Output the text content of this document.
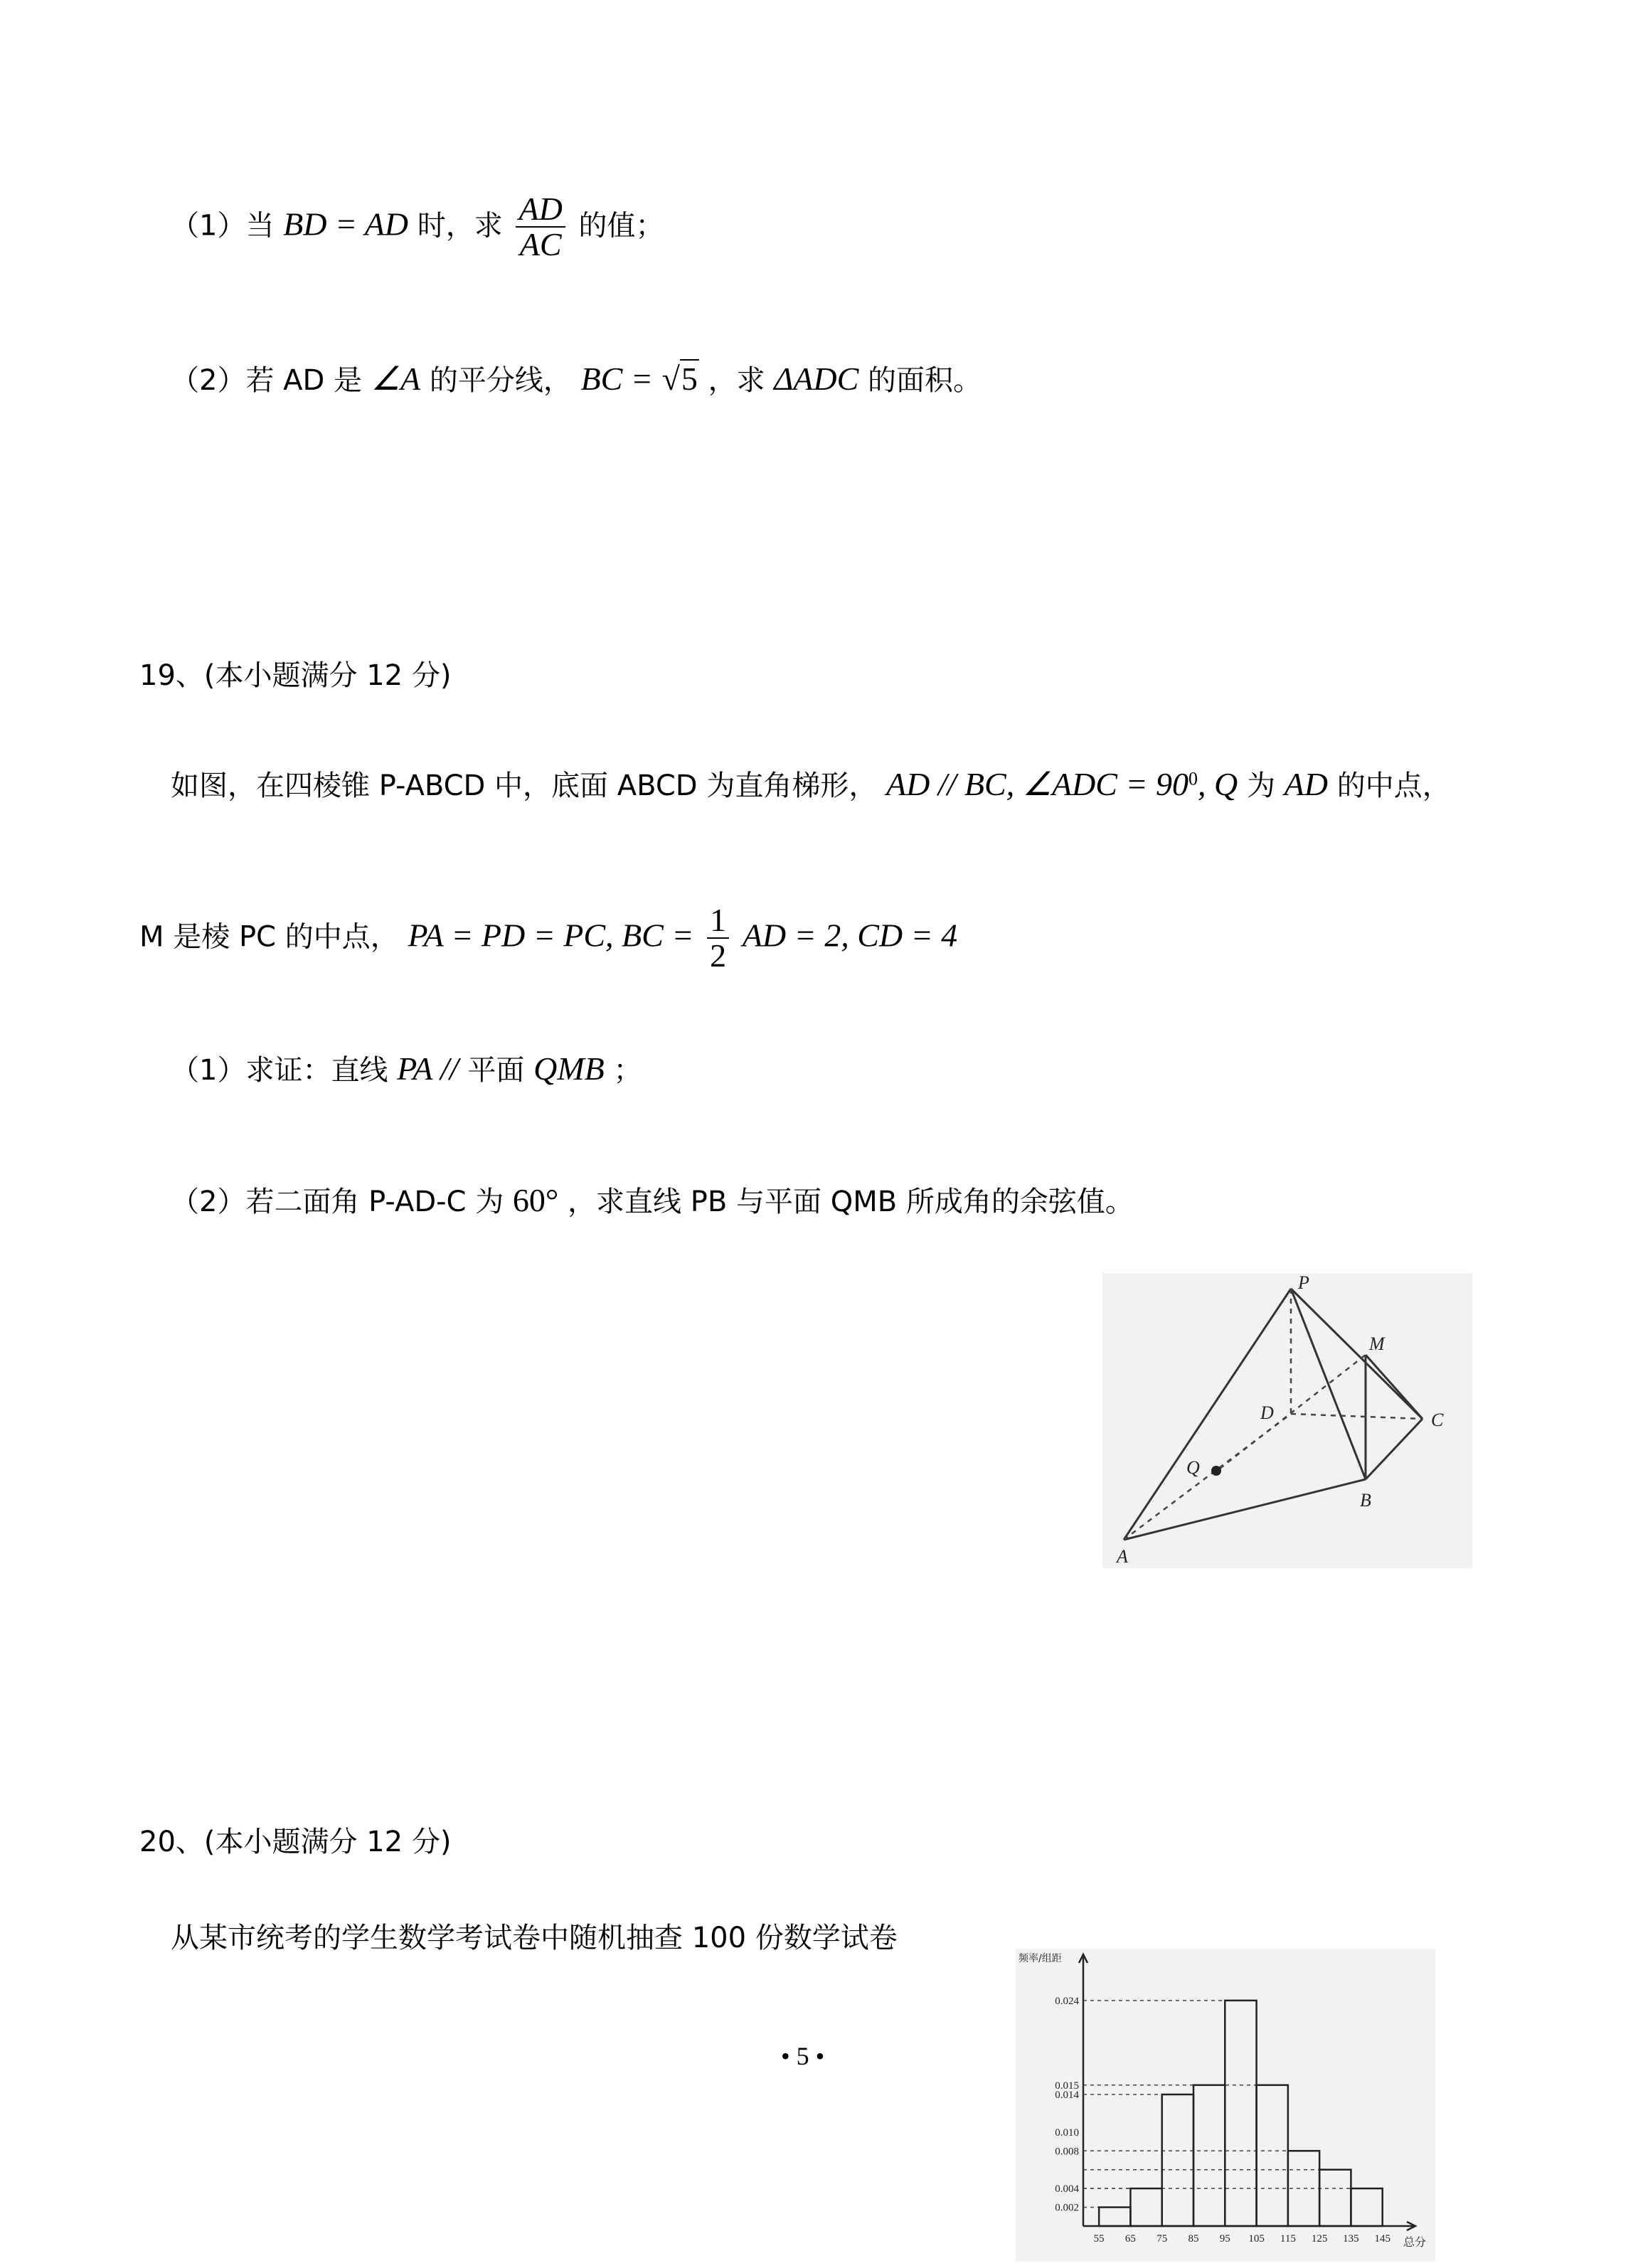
（1）当 BD = AD 时，求 $\frac{AD}{AC}$ 的值；
（2）若 AD 是 ∠A 的平分线， BC = √5 ，求 ΔADC 的面积。
19、(本小题满分 12 分)
如图，在四棱锥 P-ABCD 中，底面 ABCD 为直角梯形， AD // BC, ∠ADC = $90^0$, Q 为 AD 的中点，
M 是棱 PC 的中点， PA = PD = PC, BC = $\frac{1}{2}$ AD = 2, CD = 4
（1）求证：直线 PA // 平面 QMB ；
（2）若二面角 P-AD-C 为 60° ，求直线 PB 与平面 QMB 所成角的余弦值。
P
M
D	C
Q
B
A
20、(本小题满分 12 分)
从某市统考的学生数学考试卷中随机抽查 100 份数学试卷
0.024
0.015
0.014
0.010
0.008
0.004
0.002
55 65 75 85 95 105 115 125 135 145
频率/组距
总分
• 5 •
